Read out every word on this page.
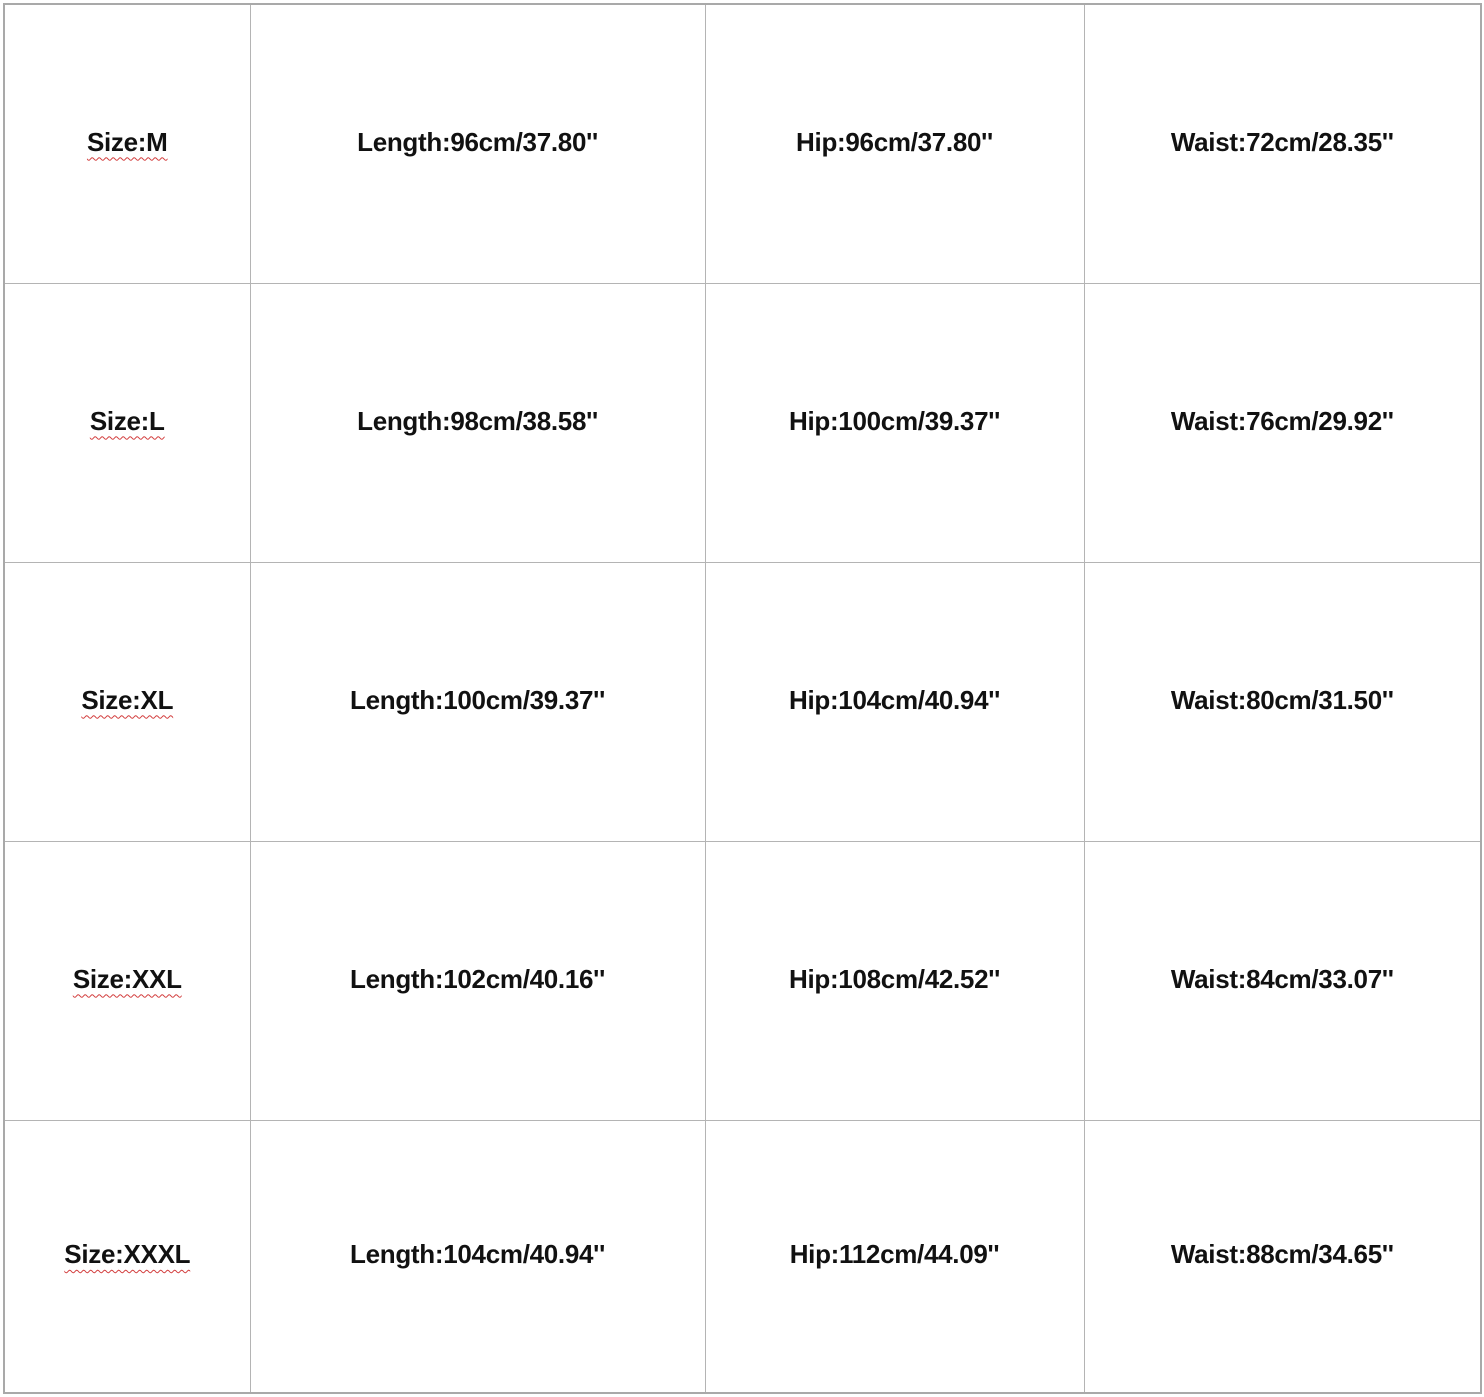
Size:M	Length:96cm/37.80''	Hip:96cm/37.80''	Waist:72cm/28.35''
Size:L	Length:98cm/38.58''	Hip:100cm/39.37''	Waist:76cm/29.92''
Size:XL	Length:100cm/39.37''	Hip:104cm/40.94''	Waist:80cm/31.50''
Size:XXL	Length:102cm/40.16''	Hip:108cm/42.52''	Waist:84cm/33.07''
Size:XXXL	Length:104cm/40.94''	Hip:112cm/44.09''	Waist:88cm/34.65''
